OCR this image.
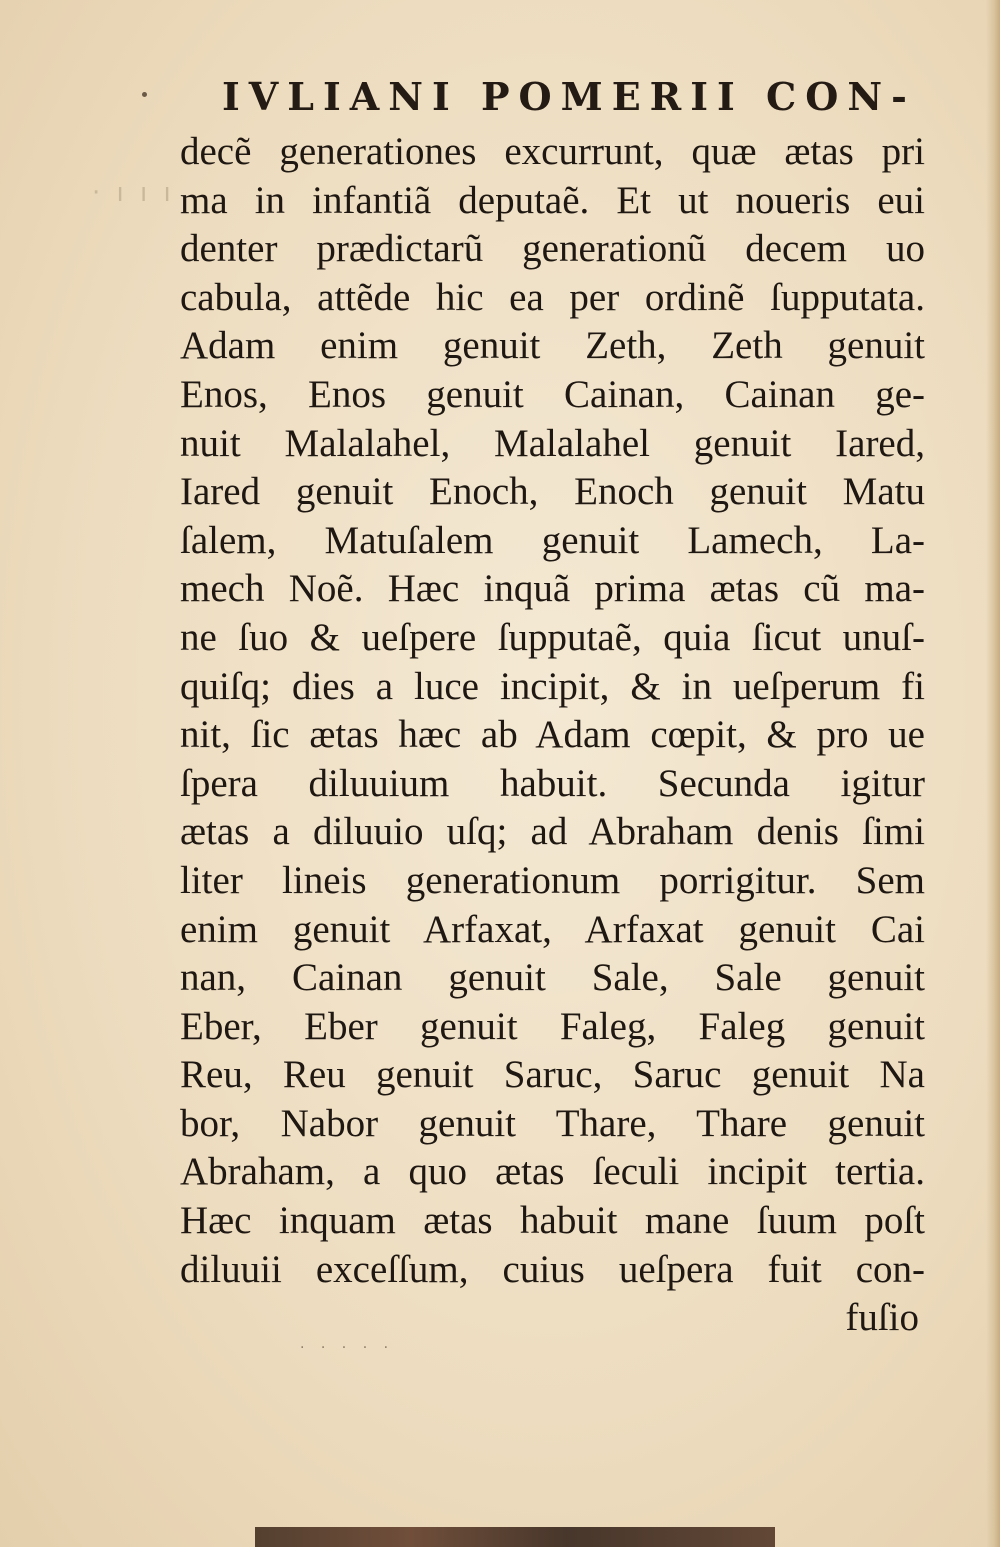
· ı ı ı
IVLIANI POMERII CON-
decẽ generationes excurrunt, quæ ætas pri
ma in infantiã deputaẽ. Et ut noueris eui
denter prædictarũ generationũ decem uo
cabula, attẽde hic ea per ordinẽ ſupputata.
Adam enim genuit Zeth, Zeth genuit
Enos, Enos genuit Cainan, Cainan ge-
nuit Malalahel, Malalahel genuit Iared,
Iared genuit Enoch, Enoch genuit Matu
ſalem, Matuſalem genuit Lamech, La-
mech Noẽ. Hæc inquã prima ætas cũ ma-
ne ſuo & ueſpere ſupputaẽ, quia ſicut unuſ-
quiſq; dies a luce incipit, & in ueſperum fi
nit, ſic ætas hæc ab Adam cœpit, & pro ue
ſpera diluuium habuit. Secunda igitur
ætas a diluuio uſq; ad Abraham denis ſimi
liter lineis generationum porrigitur. Sem
enim genuit Arfaxat, Arfaxat genuit Cai
nan, Cainan genuit Sale, Sale genuit
Eber, Eber genuit Faleg, Faleg genuit
Reu, Reu genuit Saruc, Saruc genuit Na
bor, Nabor genuit Thare, Thare genuit
Abraham, a quo ætas ſeculi incipit tertia.
Hæc inquam ætas habuit mane ſuum poſt
diluuii exceſſum, cuius ueſpera fuit con-
fuſio
· · · · ·
